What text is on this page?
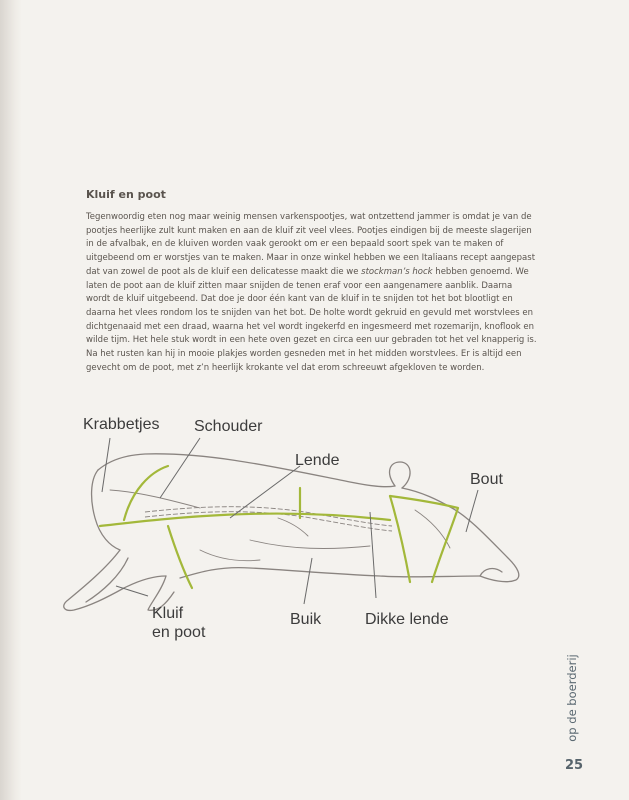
Kluif en poot

Tegenwoordig eten nog maar weinig mensen varkenspootjes, wat ontzettend jammer is omdat je van de pootjes heerlijke zult kunt maken en aan de kluif zit veel vlees. Pootjes eindigen bij de meeste slagerijen in de afvalbak, en de kluiven worden vaak gerookt om er een bepaald soort spek van te maken of uitgebeend om er worstjes van te maken. Maar in onze winkel hebben we een Italiaans recept aangepast dat van zowel de poot als de kluif een delicatesse maakt die we stockman’s hock hebben genoemd. We laten de poot aan de kluif zitten maar snijden de tenen eraf voor een aangenamere aanblik. Daarna wordt de kluif uitgebeend. Dat doe je door één kant van de kluif in te snijden tot het bot blootligt en daarna het vlees rondom los te snijden van het bot. De holte wordt gekruid en gevuld met worstvlees en dichtgenaaid met een draad, waarna het vel wordt ingekerfd en ingesmeerd met rozemarijn, knoflook en wilde tijm. Het hele stuk wordt in een hete oven gezet en circa een uur gebraden tot het vel knapperig is. Na het rusten kan hij in mooie plakjes worden gesneden met in het midden worstvlees. Er is altijd een gevecht om de poot, met z’n heerlijk krokante vel dat erom schreeuwt afgekloven te worden.

Krabbetjes Schouder
Lende
Bout
Kluif
en poot
Buik	Dikke lende
op de boerderij
25
